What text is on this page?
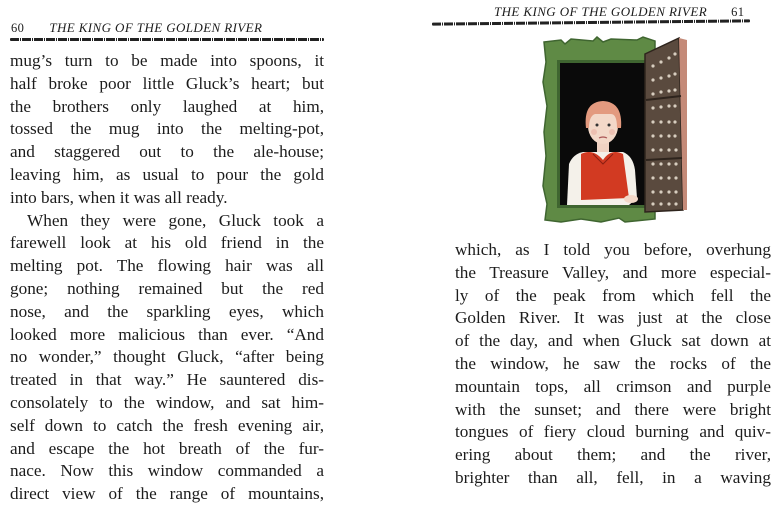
60 THE KING OF THE GOLDEN RIVER
mug’s turn to be made into spoons, it
half broke poor little Gluck’s heart; but
the brothers only laughed at him,
tossed the mug into the melting-pot,
and staggered out to the ale-house;
leaving him, as usual to pour the gold
into bars, when it was all ready.
When they were gone, Gluck took a
farewell look at his old friend in the
melting pot. The flowing hair was all
gone; nothing remained but the red
nose, and the sparkling eyes, which
looked more malicious than ever. “And
no wonder,” thought Gluck, “after being
treated in that way.” He sauntered dis-
consolately to the window, and sat him-
self down to catch the fresh evening air,
and escape the hot breath of the fur-
nace. Now this window commanded a
direct view of the range of mountains,
THE KING OF THE GOLDEN RIVER 61
which, as I told you before, overhung
the Treasure Valley, and more especial-
ly of the peak from which fell the
Golden River. It was just at the close
of the day, and when Gluck sat down at
the window, he saw the rocks of the
mountain tops, all crimson and purple
with the sunset; and there were bright
tongues of fiery cloud burning and quiv-
ering about them; and the river,
brighter than all, fell, in a waving
